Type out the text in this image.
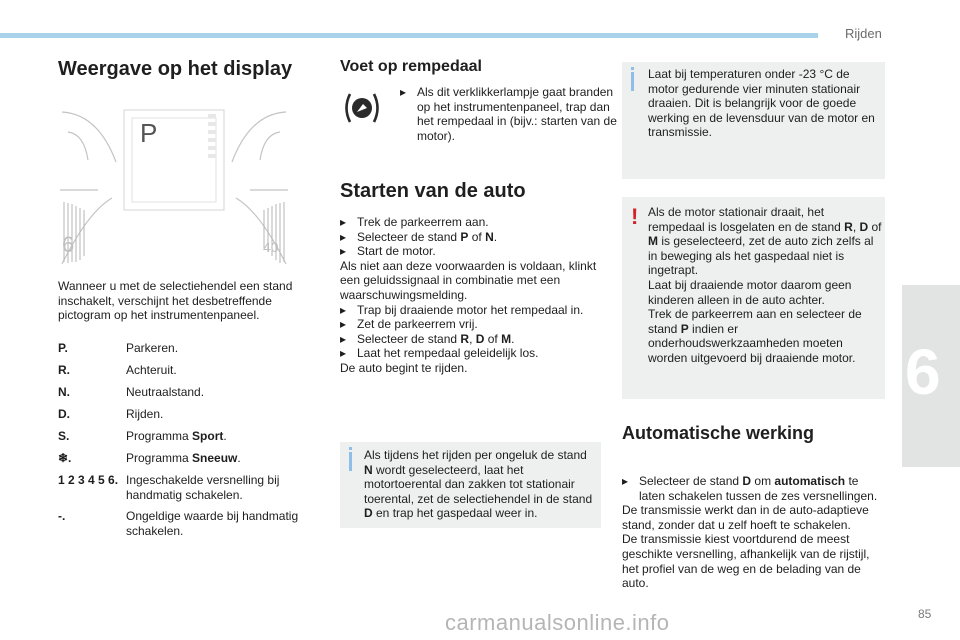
Rijden
6
Weergave op het display
P
6	40

Wanneer u met de selectiehendel een stand inschakelt, verschijnt het desbetreffende pictogram op het instrumentenpaneel.

P.	Parkeren.
R.	Achteruit.
N.	Neutraalstand.
D.	Rijden.
S.	Programma Sport.
❄.	Programma Sneeuw.
1 2 3 4 5 6. Ingeschakelde versnelling bij handmatig schakelen.
-.	Ongeldige waarde bij handmatig schakelen.
Voet op rempedaal
▸ Als dit verklikkerlampje gaat branden op het instrumentenpaneel, trap dan het rempedaal in (bijv.: starten van de motor).
Starten van de auto
▸ Trek de parkeerrem aan.
▸ Selecteer de stand P of N.
▸ Start de motor.

Als niet aan deze voorwaarden is voldaan, klinkt een geluidssignaal in combinatie met een waarschuwingsmelding.

▸ Trap bij draaiende motor het rempedaal in.
▸ Zet de parkeerrem vrij.
▸ Selecteer de stand R, D of M.
▸ Laat het rempedaal geleidelijk los.

De auto begint te rijden.

Als tijdens het rijden per ongeluk de stand N wordt geselecteerd, laat het motortoerental dan zakken tot stationair toerental, zet de selectiehendel in de stand D en trap het gaspedaal weer in.

Laat bij temperaturen onder -23 °C de motor gedurende vier minuten stationair draaien. Dit is belangrijk voor de goede werking en de levensduur van de motor en transmissie.

! Als de motor stationair draait, het rempedaal is losgelaten en de stand R, D of M is geselecteerd, zet de auto zich zelfs al in beweging als het gaspedaal niet is ingetrapt.

Laat bij draaiende motor daarom geen kinderen alleen in de auto achter.

Trek de parkeerrem aan en selecteer de stand P indien er onderhoudswerkzaamheden moeten worden uitgevoerd bij draaiende motor.

Automatische werking
▸ Selecteer de stand D om automatisch te laten schakelen tussen de zes versnellingen.

De transmissie werkt dan in de auto-adaptieve stand, zonder dat u zelf hoeft te schakelen.

De transmissie kiest voortdurend de meest geschikte versnelling, afhankelijk van de rijstijl, het profiel van de weg en de belading van de auto.

carmanualsonline.info	85
